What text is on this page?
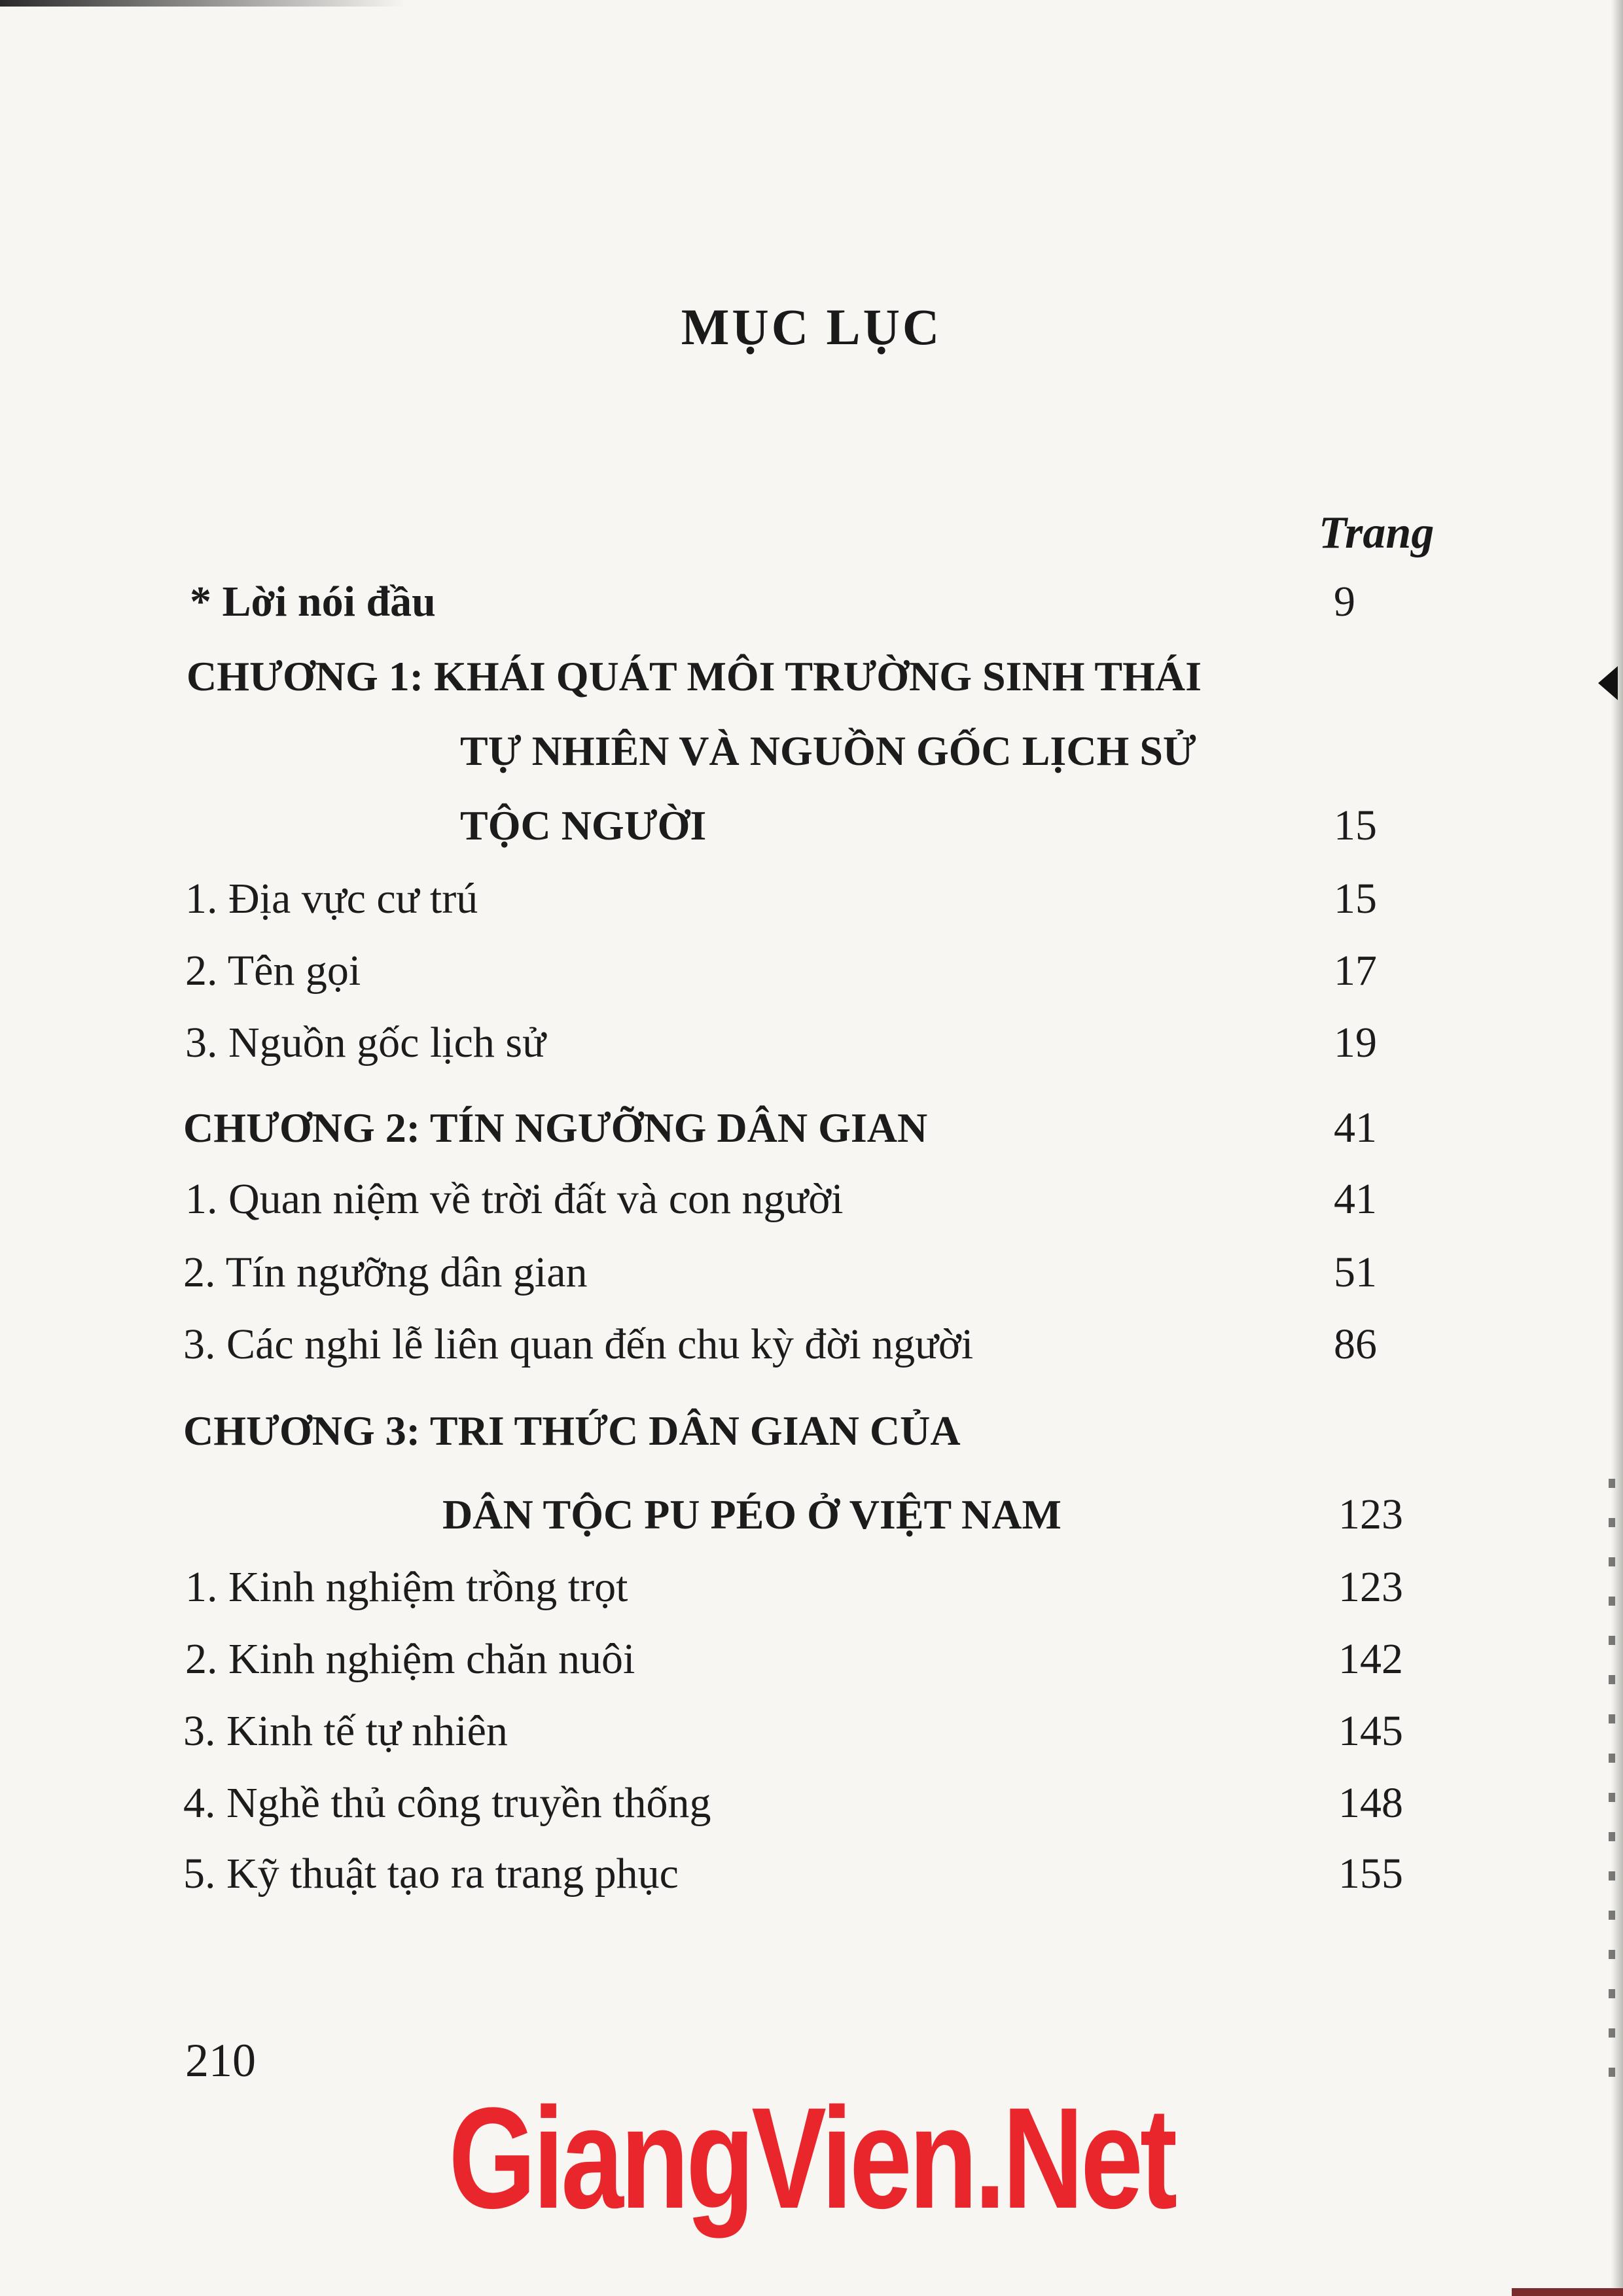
MỤC LỤC
Trang
* Lời nói đầu	9
CHƯƠNG 1: KHÁI QUÁT MÔI TRƯỜNG SINH THÁI
TỰ NHIÊN VÀ NGUỒN GỐC LỊCH SỬ
TỘC NGƯỜI	15
1. Địa vực cư trú	15
2. Tên gọi	17
3. Nguồn gốc lịch sử	19
CHƯƠNG 2: TÍN NGƯỠNG DÂN GIAN	41
1. Quan niệm về trời đất và con người	41
2. Tín ngưỡng dân gian	51
3. Các nghi lễ liên quan đến chu kỳ đời người	86
CHƯƠNG 3: TRI THỨC DÂN GIAN CỦA
DÂN TỘC PU PÉO Ở VIỆT NAM	123
1. Kinh nghiệm trồng trọt	123
2. Kinh nghiệm chăn nuôi	142
3. Kinh tế tự nhiên	145
4. Nghề thủ công truyền thống	148
5. Kỹ thuật tạo ra trang phục	155
210
GiangVien.Net
